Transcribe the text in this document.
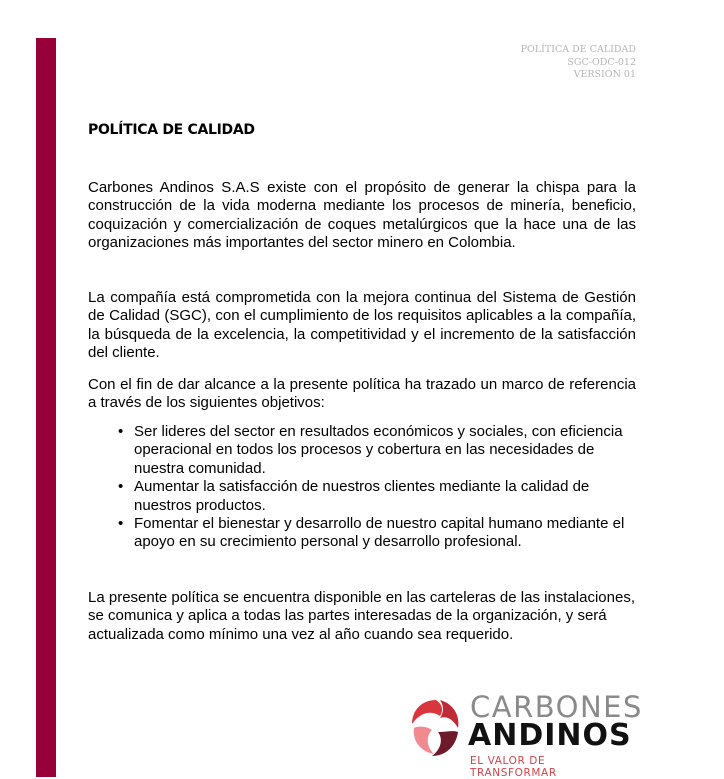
POLÍTICA DE CALIDAD
SGC-ODC-012
VERSIÓN 01
POLÍTICA DE CALIDAD
Carbones Andinos S.A.S existe con el propósito de generar la chispa para la construcción de la vida moderna mediante los procesos de minería, beneficio, coquización y comercialización de coques metalúrgicos que la hace una de las organizaciones más importantes del sector minero en Colombia.
La compañía está comprometida con la mejora continua del Sistema de Gestión de Calidad (SGC), con el cumplimiento de los requisitos aplicables a la compañía, la búsqueda de la excelencia, la competitividad y el incremento de la satisfacción del cliente.
Con el fin de dar alcance a la presente política ha trazado un marco de referencia a través de los siguientes objetivos:
• Ser lideres del sector en resultados económicos y sociales, con eficiencia operacional en todos los procesos y cobertura en las necesidades de nuestra comunidad.
• Aumentar la satisfacción de nuestros clientes mediante la calidad de nuestros productos.
• Fomentar el bienestar y desarrollo de nuestro capital humano mediante el apoyo en su crecimiento personal y desarrollo profesional.
La presente política se encuentra disponible en las carteleras de las instalaciones, se comunica y aplica a todas las partes interesadas de la organización, y será actualizada como mínimo una vez al año cuando sea requerido.
CARBONES
ANDINOS
EL VALOR DE TRANSFORMAR
